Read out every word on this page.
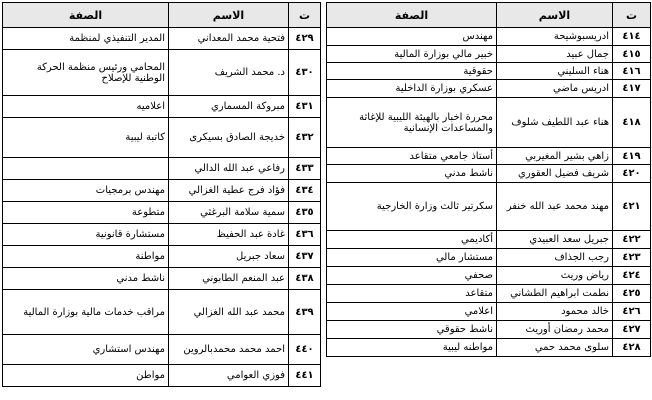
ت	الاسم	الصفة
٤١٤	ادريسبوشيحة	مهندس
٤١٥	جمال عبيد	خبير مالي بوزارة المالية
٤١٦	هناء السليني	حقوقية
٤١٧	ادريس ماضي	عسكري بوزارة الداخلية
٤١٨	هناء عبد اللطيف شلوف	محررة اخبار بالهيئة الليبية للإغاثة والمساعدات الإنسانية
٤١٩	زاهي بشير المغيربي	أستاذ جامعي متقاعد
٤٢٠	شريف فضيل العقوري	ناشط مدني
٤٢١	مهند محمد عبد الله خنفر	سكرتير ثالث وزارة الخارجية
٤٢٢	جبريل سعد العبيدي	أكاديمي
٤٢٣	رجب الجذاف	مستشار مالي
٤٢٤	رياض وريث	صحفي
٤٢٥	نطمت ابراهيم الطشاني	متقاعد
٤٢٦	خالد محمود	اعلامي
٤٢٧	محمد رمضان أوريث	ناشط حقوقي
٤٢٨	سلوى محمد حمي	مواطنه ليبية
ت	الاسم	الصفة
٤٢٩	فتحية محمد المعداني	المدير التنفيذي لمنظمة
٤٣٠	د. محمد الشريف	المحامي ورئيس منظمة الحركة الوطنية للإصلاح
٤٣١	مبروكة المسماري	اعلاميه
٤٣٢	خديجة الصادق بسيكرى	كاتبة ليبية
٤٣٣	رفاعي عبد الله الدالي	
٤٣٤	فؤاد فرج عطية الغزالي	مهندس برمجيات
٤٣٥	سمية سلامة البرغثي	متطوعة
٤٣٦	غادة عبد الحفيظ	مستشارة قانونية
٤٣٧	سعاد جبريل	مواطنة
٤٣٨	عبد المنعم الطابوني	ناشط مدني
٤٣٩	محمد عبد الله الغزالي	مراقب خدمات مالية بوزارة المالية
٤٤٠	احمد محمد محمدبالروين	مهندس استشاري
٤٤١	فوزي العوامي	مواطن
